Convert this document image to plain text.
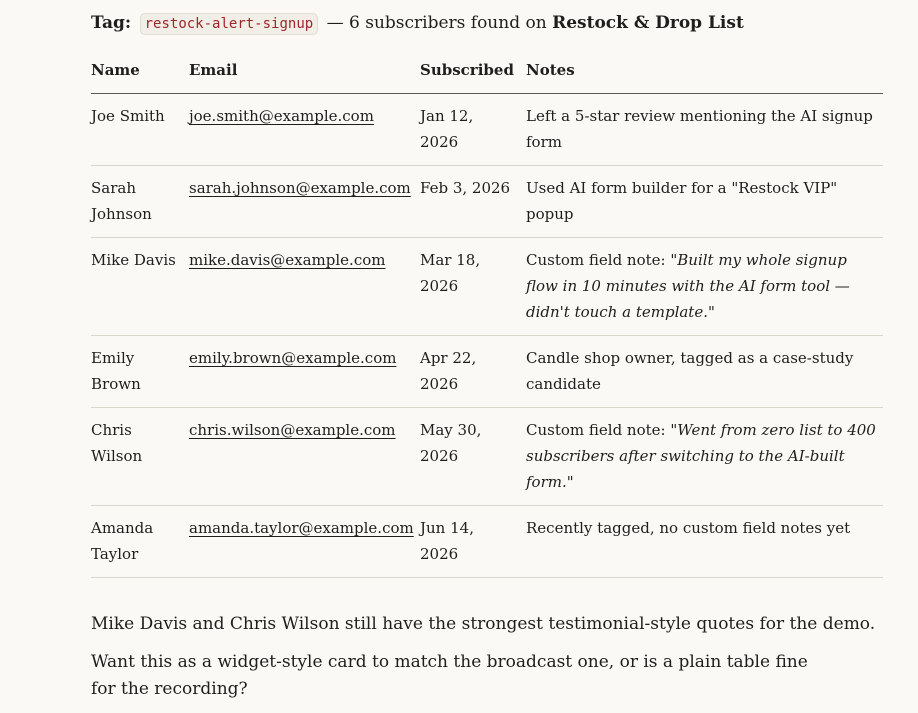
Tag: restock-alert-signup — 6 subscribers found on Restock & Drop List
Name	Email	Subscribed	Notes
Joe Smith	joe.smith@example.com	Jan 12, 2026	Left a 5-star review mentioning the AI signup form
Sarah Johnson	sarah.johnson@example.com	Feb 3, 2026	Used AI form builder for a "Restock VIP" popup
Mike Davis	mike.davis@example.com	Mar 18, 2026	Custom field note: "Built my whole signup flow in 10 minutes with the AI form tool — didn't touch a template."
Emily Brown	emily.brown@example.com	Apr 22, 2026	Candle shop owner, tagged as a case-study candidate
Chris Wilson	chris.wilson@example.com	May 30, 2026	Custom field note: "Went from zero list to 400 subscribers after switching to the AI-built form."
Amanda Taylor	amanda.taylor@example.com	Jun 14, 2026	Recently tagged, no custom field notes yet

Mike Davis and Chris Wilson still have the strongest testimonial-style quotes for the demo.

Want this as a widget-style card to match the broadcast one, or is a plain table fine for the recording?
